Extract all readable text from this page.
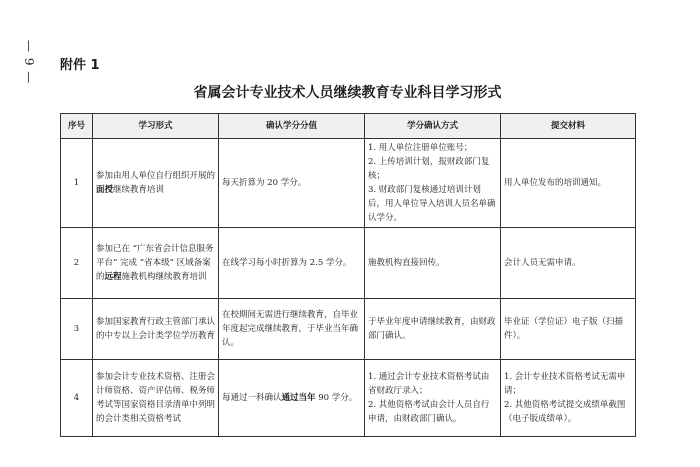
— 9 — 附件 1
省属会计专业技术人员继续教育专业科目学习形式
序号	学习形式	确认学分分值	学分确认方式	提交材料
1	参加由用人单位自行组织开展的面授继续教育培训	每天折算为 20 学分。	1. 用人单位注册单位账号；
2. 上传培训计划，报财政部门复核；
3. 财政部门复核通过培训计划后，用人单位导入培训人员名单确认学分。	用人单位发布的培训通知。

2	参加已在 “广东省会计信息服务平台” 完成 “省本级” 区域备案的远程施教机构继续教育培训	在线学习每小时折算为 2.5 学分。	施教机构直接回传。	会计人员无需申请。

3	参加国家教育行政主管部门承认的中专以上会计类学位学历教育	在校期间无需进行继续教育，自毕业年度起完成继续教育，于毕业当年确认。	于毕业年度申请继续教育，由财政部门确认。	毕业证（学位证）电子版（扫描件）。

4	参加会计专业技术资格、注册会计师资格、资产评估师、税务师考试等国家资格目录清单中列明的会计类相关资格考试	每通过一科确认通过当年 90 学分。	1. 通过会计专业技术资格考试由省财政厅录入；
2. 其他资格考试由会计人员自行申请，由财政部门确认。	1. 会计专业技术资格考试无需申请；
2. 其他资格考试提交成绩单截图（电子版成绩单）。
